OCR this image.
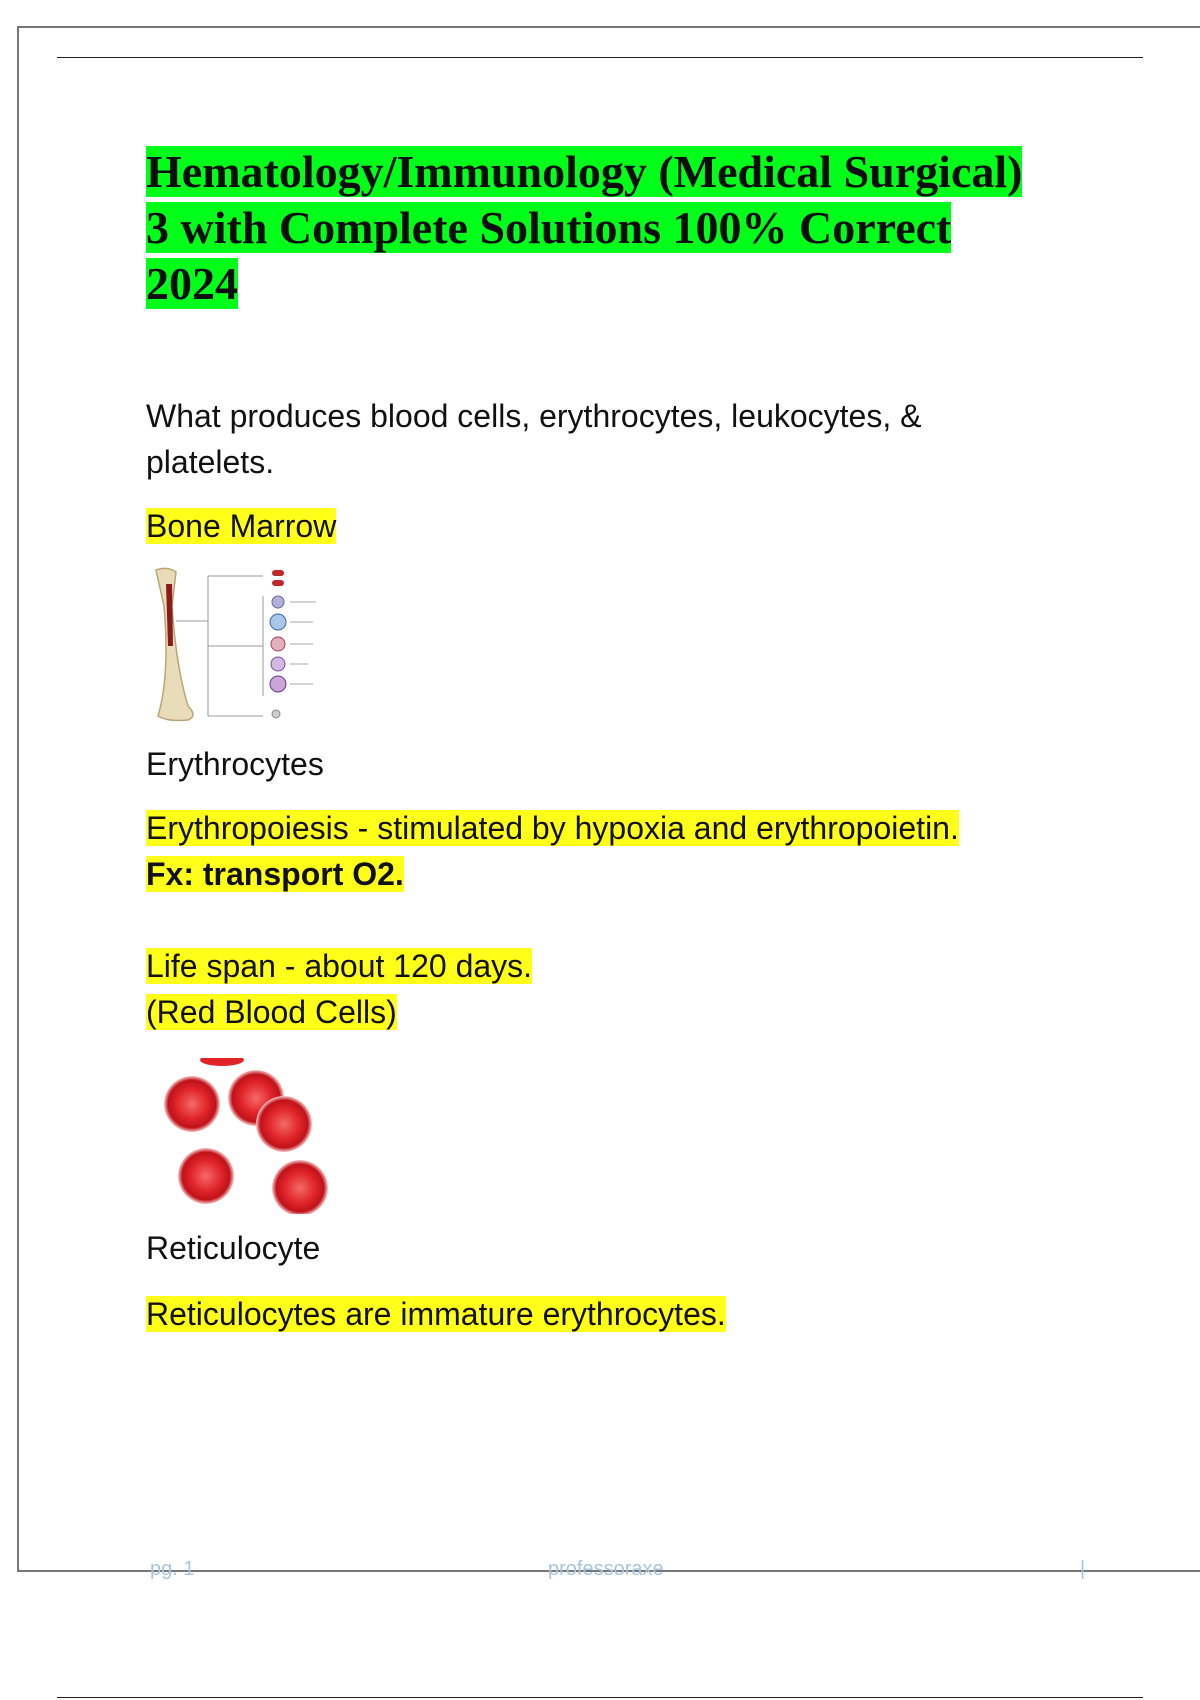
Hematology/Immunology (Medical Surgical)
3 with Complete Solutions 100% Correct
2024

What produces blood cells, erythrocytes, leukocytes, & platelets.

Bone Marrow

Erythrocytes

Erythropoiesis - stimulated by hypoxia and erythropoietin.
Fx: transport O2.

Life span - about 120 days.
(Red Blood Cells)

Reticulocyte

Reticulocytes are immature erythrocytes.

pg. 1	professoraxe	|
